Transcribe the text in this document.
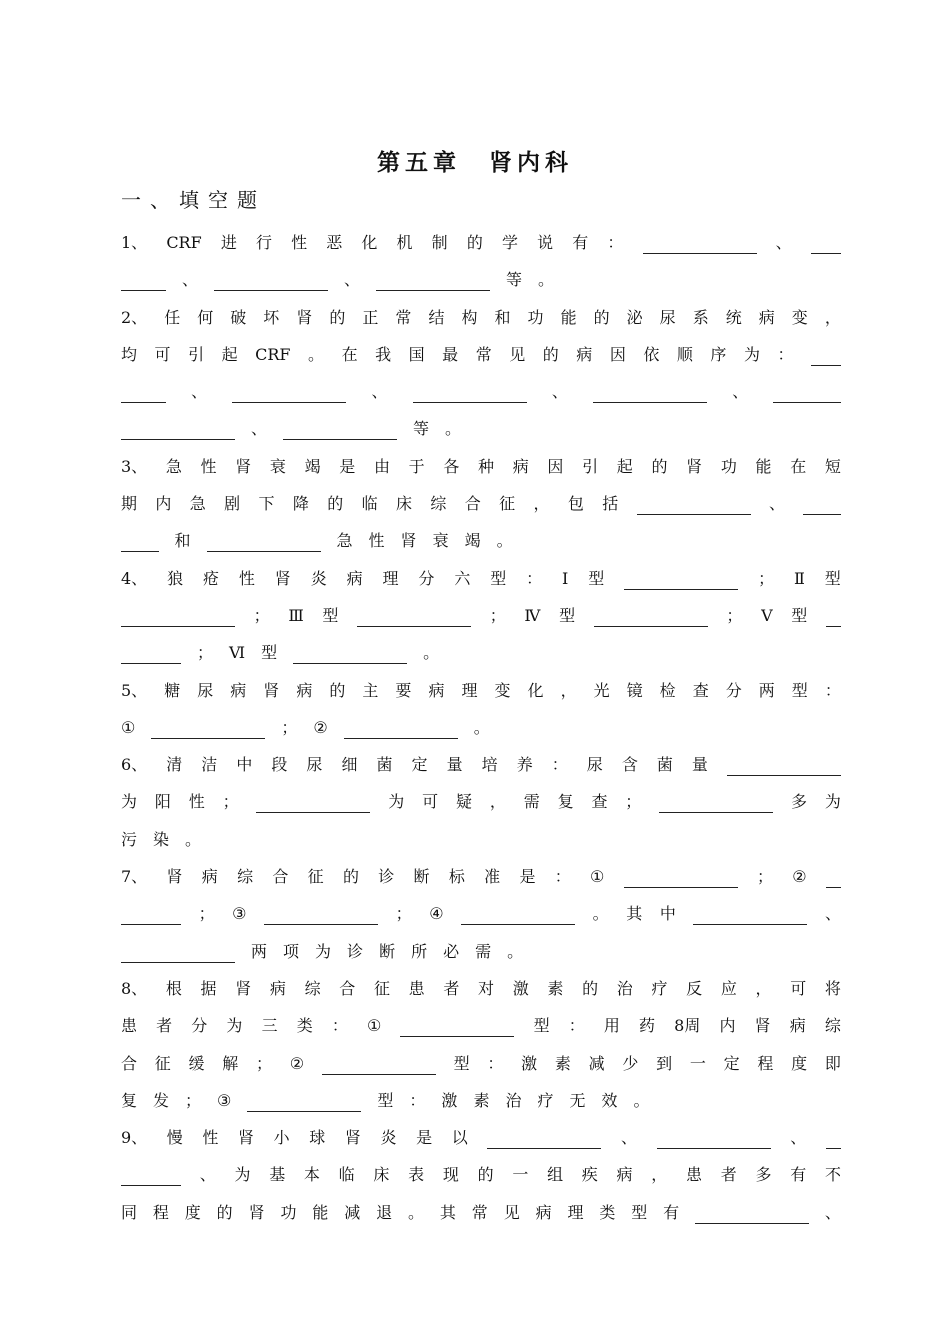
第五章　肾内科
一、填空题
1、 CRF 进 行 性 恶 化 机 制 的 学 说 有 ：	、
、	、	等 。
2、 任 何 破 坏 肾 的 正 常 结 构 和 功 能 的 泌 尿 系 统 病 变 ，
均 可 引 起 CRF 。 在 我 国 最 常 见 的 病 因 依 顺 序 为 ：
、	、	、	、
、	等 。
3、 急 性 肾 衰 竭 是 由 于 各 种 病 因 引 起 的 肾 功 能 在 短
期 内 急 剧 下 降 的 临 床 综 合 征 ， 包 括	、
和	急 性 肾 衰 竭 。
4、 狼 疮 性 肾 炎 病 理 分 六 型 ： Ⅰ 型	； Ⅱ 型
； Ⅲ 型	； Ⅳ 型	； Ⅴ 型
； Ⅵ 型	。
5、 糖 尿 病 肾 病 的 主 要 病 理 变 化 ， 光 镜 检 查 分 两 型 ：
①	； ②	。
6、 清 洁 中 段 尿 细 菌 定 量 培 养 ： 尿 含 菌 量
为 阳 性 ；	为 可 疑 ， 需 复 查 ；	多 为
污 染 。
7、 肾 病 综 合 征 的 诊 断 标 准 是 ： ①	； ②
； ③	； ④	。 其 中	、
两 项 为 诊 断 所 必 需 。
8、 根 据 肾 病 综 合 征 患 者 对 激 素 的 治 疗 反 应 ， 可 将
患 者 分 为 三 类 ： ①	型 ： 用 药 8周 内 肾 病 综
合 征 缓 解 ； ②	型 ： 激 素 减 少 到 一 定 程 度 即
复 发 ； ③	型 ： 激 素 治 疗 无 效 。
9、 慢 性 肾 小 球 肾 炎 是 以	、	、
、 为 基 本 临 床 表 现 的 一 组 疾 病 ， 患 者 多 有 不
同 程 度 的 肾 功 能 减 退 。 其 常 见 病 理 类 型 有	、
